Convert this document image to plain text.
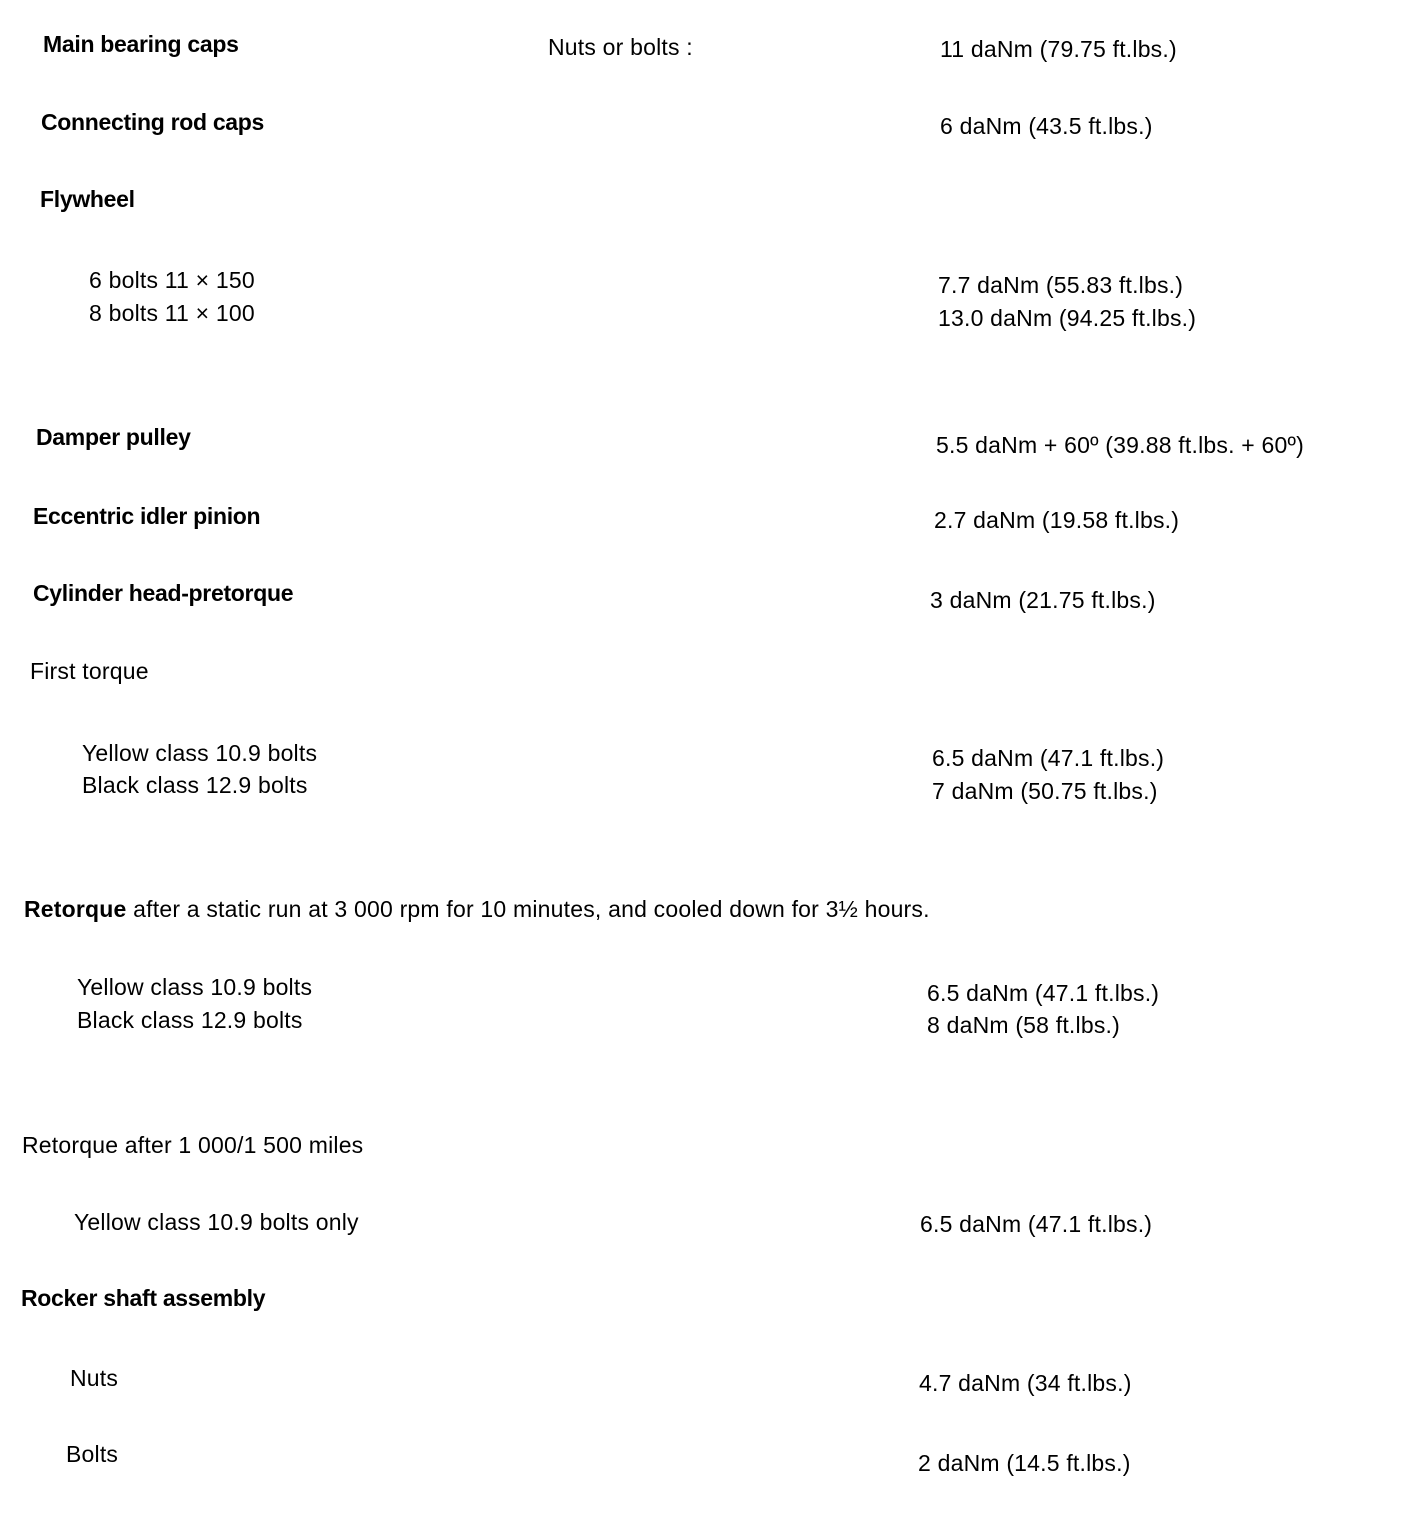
Main bearing caps	Nuts or bolts :	11 daNm (79.75 ft.lbs.)
Connecting rod caps	6 daNm (43.5 ft.lbs.)
Flywheel
6 bolts 11 × 150	7.7 daNm (55.83 ft.lbs.)
8 bolts 11 × 100	13.0 daNm (94.25 ft.lbs.)
Damper pulley	5.5 daNm + 60º (39.88 ft.lbs. + 60º)
Eccentric idler pinion	2.7 daNm (19.58 ft.lbs.)
Cylinder head-pretorque	3 daNm (21.75 ft.lbs.)
First torque
Yellow class 10.9 bolts	6.5 daNm (47.1 ft.lbs.)
Black class 12.9 bolts	7 daNm (50.75 ft.lbs.)
Retorque after a static run at 3 000 rpm for 10 minutes, and cooled down for 3½ hours.
Yellow class 10.9 bolts	6.5 daNm (47.1 ft.lbs.)
Black class 12.9 bolts	8 daNm (58 ft.lbs.)
Retorque after 1 000/1 500 miles
Yellow class 10.9 bolts only	6.5 daNm (47.1 ft.lbs.)
Rocker shaft assembly
Nuts	4.7 daNm (34 ft.lbs.)
Bolts	2 daNm (14.5 ft.lbs.)
